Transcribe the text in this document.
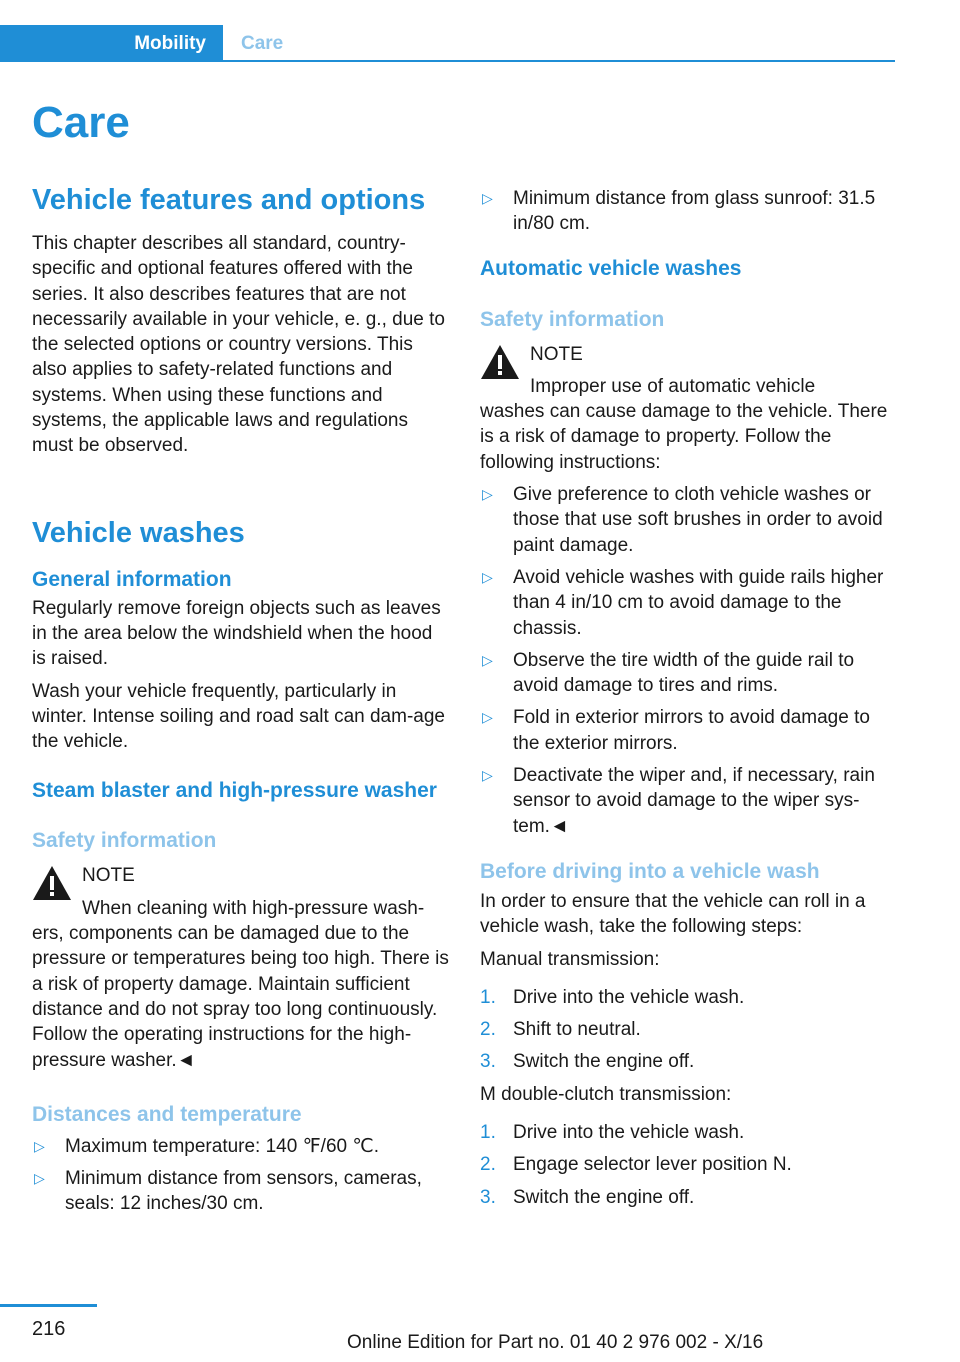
Mobility	Care
Care
Vehicle features and options

This chapter describes all standard, country-specific and optional features offered with the series. It also describes features that are not necessarily available in your vehicle, e. g., due to the selected options or country versions. This also applies to safety-related functions and systems. When using these functions and systems, the applicable laws and regulations must be observed.

Vehicle washes
General information

Regularly remove foreign objects such as leaves in the area below the windshield when the hood is raised.

Wash your vehicle frequently, particularly in winter. Intense soiling and road salt can dam-age the vehicle.

Steam blaster and high-pressure washer
Safety information
NOTE
When cleaning with high-pressure wash-

ers, components can be damaged due to the pressure or temperatures being too high. There is a risk of property damage. Maintain sufficient distance and do not spray too long continuously. Follow the operating instructions for the high-pressure washer.◄

Distances and temperature
▷ Maximum temperature: 140 ℉/60 ℃.
▷ Minimum distance from sensors, cameras, seals: 12 inches/30 cm.
▷ Minimum distance from glass sunroof: 31.5 in/80 cm.
Automatic vehicle washes
Safety information
NOTE
Improper use of automatic vehicle

washes can cause damage to the vehicle. There is a risk of damage to property. Follow the following instructions:

▷ Give preference to cloth vehicle washes or those that use soft brushes in order to avoid paint damage.
▷ Avoid vehicle washes with guide rails higher than 4 in/10 cm to avoid damage to the chassis.
▷ Observe the tire width of the guide rail to avoid damage to tires and rims.
▷ Fold in exterior mirrors to avoid damage to the exterior mirrors.
▷ Deactivate the wiper and, if necessary, rain sensor to avoid damage to the wiper sys-tem.◄
Before driving into a vehicle wash

In order to ensure that the vehicle can roll in a vehicle wash, take the following steps:

Manual transmission:

1. Drive into the vehicle wash.
2. Shift to neutral.
3. Switch the engine off.

M double-clutch transmission:

1. Drive into the vehicle wash.
2. Engage selector lever position N.
3. Switch the engine off.
216
Online Edition for Part no. 01 40 2 976 002 - X/16
